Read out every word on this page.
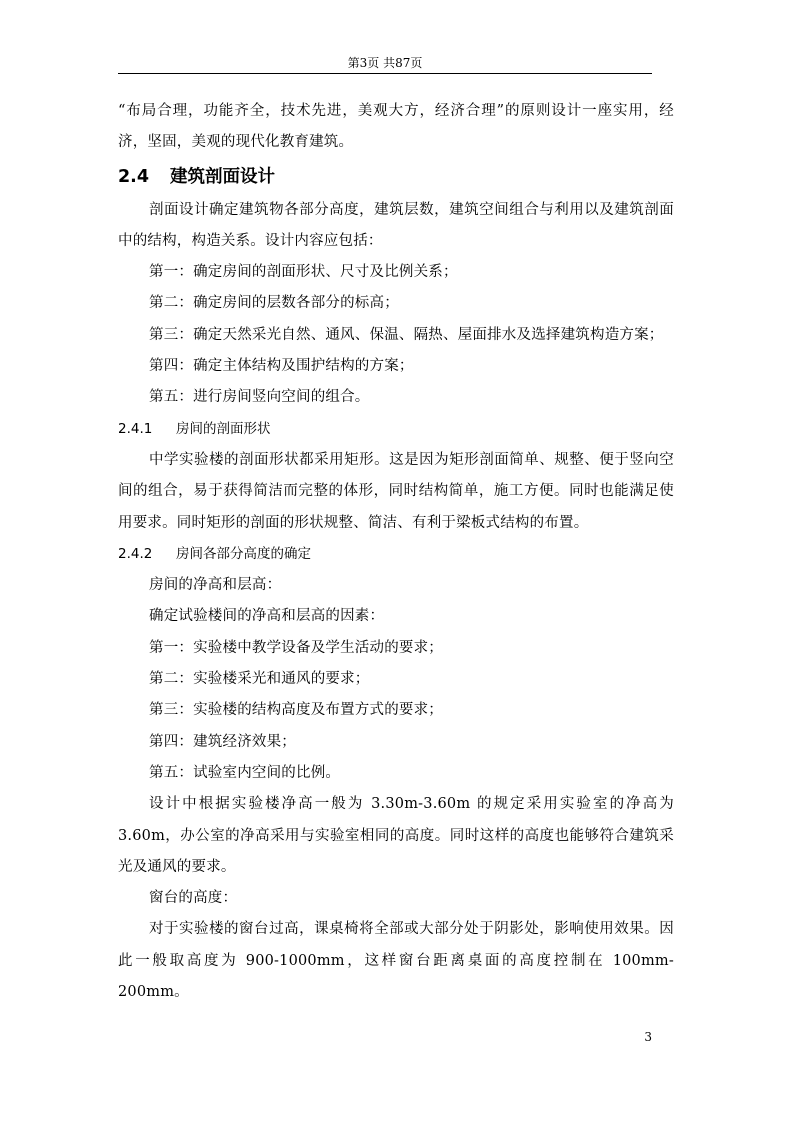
第3页 共87页

“布局合理，功能齐全，技术先进，美观大方，经济合理”的原则设计一座实用，经济，坚固，美观的现代化教育建筑。

2.4	建筑剖面设计

剖面设计确定建筑物各部分高度，建筑层数，建筑空间组合与利用以及建筑剖面中的结构，构造关系。设计内容应包括：

第一：确定房间的剖面形状、尺寸及比例关系；

第二：确定房间的层数各部分的标高；

第三：确定天然采光自然、通风、保温、隔热、屋面排水及选择建筑构造方案；

第四：确定主体结构及围护结构的方案；

第五：进行房间竖向空间的组合。

2.4.1 房间的剖面形状

中学实验楼的剖面形状都采用矩形。这是因为矩形剖面简单、规整、便于竖向空间的组合，易于获得简洁而完整的体形，同时结构简单，施工方便。同时也能满足使用要求。同时矩形的剖面的形状规整、简洁、有利于梁板式结构的布置。

2.4.2 房间各部分高度的确定

房间的净高和层高：

确定试验楼间的净高和层高的因素：

第一：实验楼中教学设备及学生活动的要求；

第二：实验楼采光和通风的要求；

第三：实验楼的结构高度及布置方式的要求；

第四：建筑经济效果；

第五：试验室内空间的比例。

设计中根据实验楼净高一般为 3.30m-3.60m 的规定采用实验室的净高为 3.60m，办公室的净高采用与实验室相同的高度。同时这样的高度也能够符合建筑采光及通风的要求。

窗台的高度：

对于实验楼的窗台过高，课桌椅将全部或大部分处于阴影处，影响使用效果。因此一般取高度为 900-1000mm，这样窗台距离桌面的高度控制在 100mm-200mm。

3
